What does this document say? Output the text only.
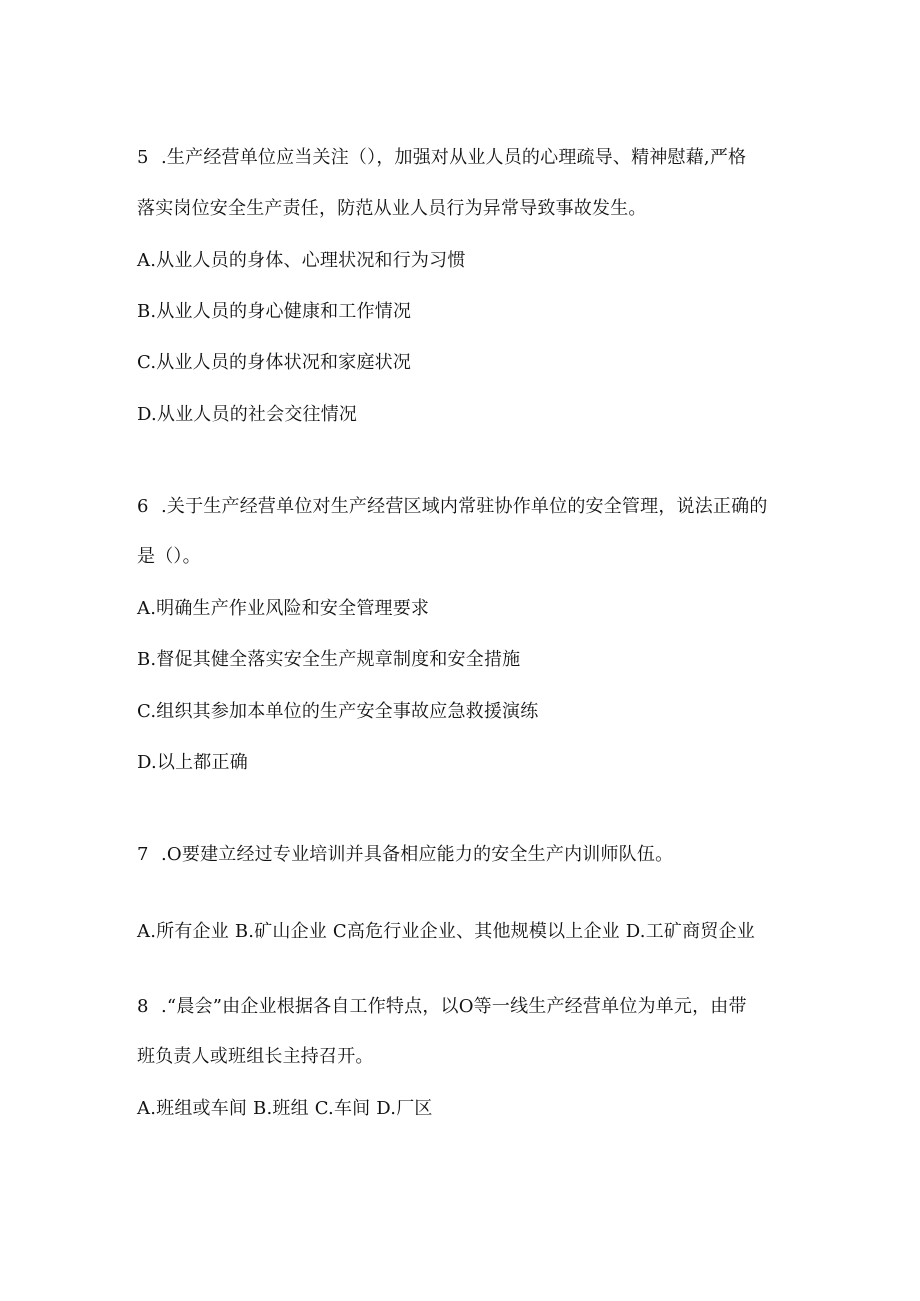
5 .生产经营单位应当关注（），加强对从业人员的心理疏导、精神慰藉,严格
落实岗位安全生产责任，防范从业人员行为异常导致事故发生。
A.从业人员的身体、心理状况和行为习惯
B.从业人员的身心健康和工作情况
C.从业人员的身体状况和家庭状况
D.从业人员的社会交往情况
6 .关于生产经营单位对生产经营区域内常驻协作单位的安全管理，说法正确的
是（）。
A.明确生产作业风险和安全管理要求
B.督促其健全落实安全生产规章制度和安全措施
C.组织其参加本单位的生产安全事故应急救援演练
D.以上都正确
7 .O要建立经过专业培训并具备相应能力的安全生产内训师队伍。
A.所有企业 B.矿山企业 C高危行业企业、其他规模以上企业 D.工矿商贸企业
8 .“晨会”由企业根据各自工作特点，以O等一线生产经营单位为单元，由带
班负责人或班组长主持召开。
A.班组或车间 B.班组 C.车间 D.厂区
